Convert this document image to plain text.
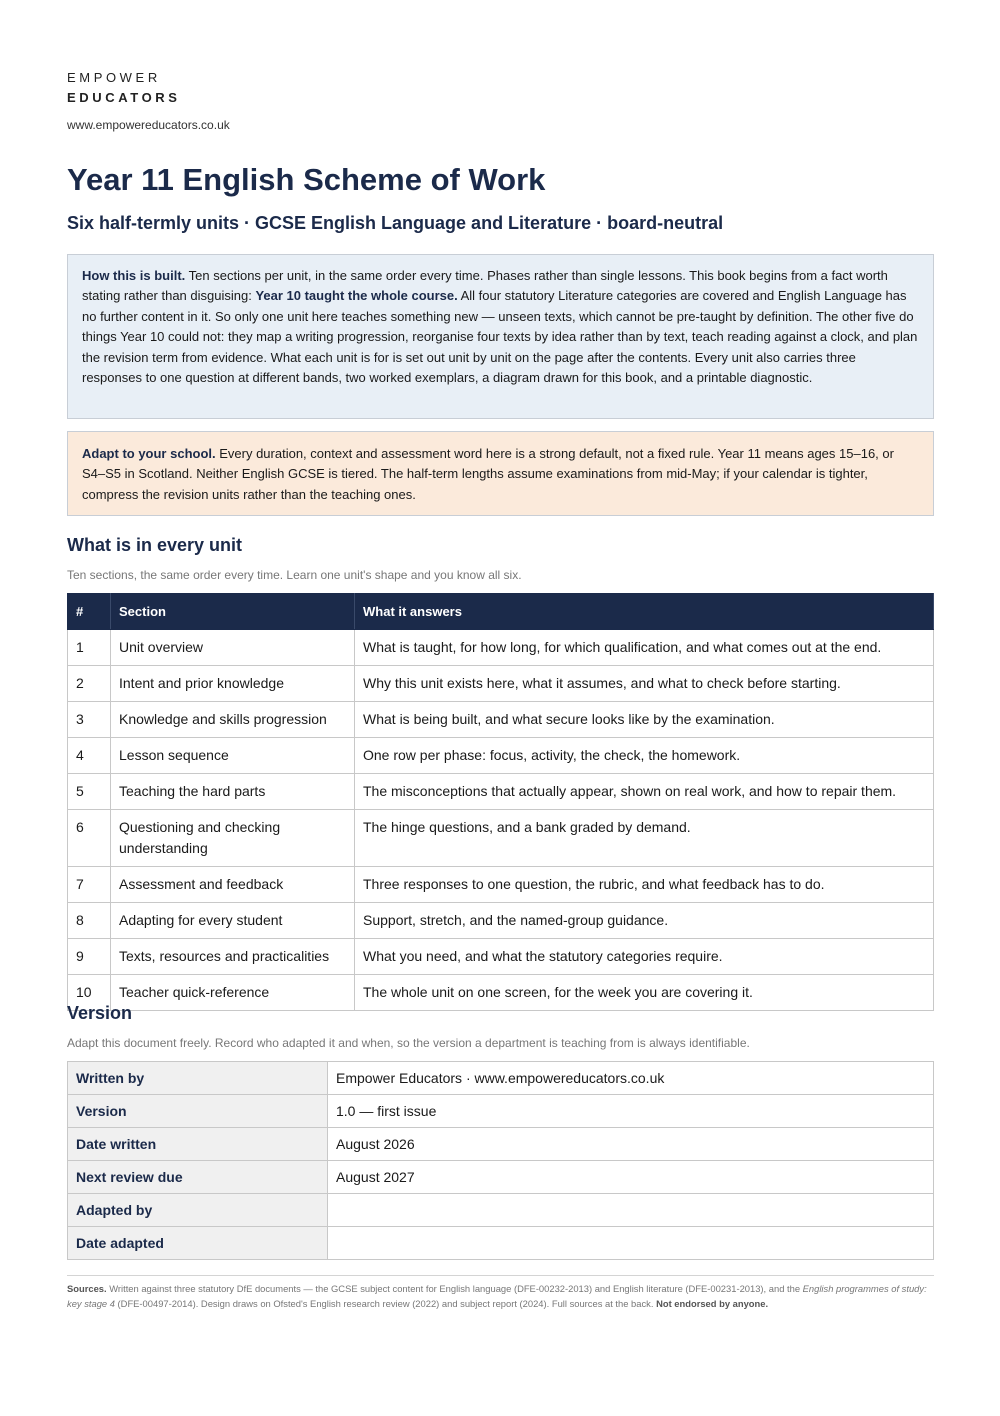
EMPOWER
EDUCATORS
www.empowereducators.co.uk
Year 11 English Scheme of Work
Six half-termly units · GCSE English Language and Literature · board-neutral
How this is built. Ten sections per unit, in the same order every time. Phases rather than single lessons. This book begins from a fact worth stating rather than disguising: Year 10 taught the whole course. All four statutory Literature categories are covered and English Language has no further content in it. So only one unit here teaches something new — unseen texts, which cannot be pre-taught by definition. The other five do things Year 10 could not: they map a writing progression, reorganise four texts by idea rather than by text, teach reading against a clock, and plan the revision term from evidence. What each unit is for is set out unit by unit on the page after the contents. Every unit also carries three responses to one question at different bands, two worked exemplars, a diagram drawn for this book, and a printable diagnostic.
Adapt to your school. Every duration, context and assessment word here is a strong default, not a fixed rule. Year 11 means ages 15–16, or S4–S5 in Scotland. Neither English GCSE is tiered. The half-term lengths assume examinations from mid-May; if your calendar is tighter, compress the revision units rather than the teaching ones.
What is in every unit
Ten sections, the same order every time. Learn one unit's shape and you know all six.
#	Section	What it answers
1	Unit overview	What is taught, for how long, for which qualification, and what comes out at the end.
2	Intent and prior knowledge	Why this unit exists here, what it assumes, and what to check before starting.
3	Knowledge and skills progression	What is being built, and what secure looks like by the examination.
4	Lesson sequence	One row per phase: focus, activity, the check, the homework.
5	Teaching the hard parts	The misconceptions that actually appear, shown on real work, and how to repair them.
6	Questioning and checking understanding	The hinge questions, and a bank graded by demand.
7	Assessment and feedback	Three responses to one question, the rubric, and what feedback has to do.
8	Adapting for every student	Support, stretch, and the named-group guidance.
9	Texts, resources and practicalities	What you need, and what the statutory categories require.
10	Teacher quick-reference	The whole unit on one screen, for the week you are covering it.
Version
Adapt this document freely. Record who adapted it and when, so the version a department is teaching from is always identifiable.
Written by	Empower Educators · www.empowereducators.co.uk
Version	1.0 — first issue
Date written	August 2026
Next review due	August 2027
Adapted by	
Date adapted	
Sources. Written against three statutory DfE documents — the GCSE subject content for English language (DFE-00232-2013) and English literature (DFE-00231-2013), and the English programmes of study: key stage 4 (DFE-00497-2014). Design draws on Ofsted's English research review (2022) and subject report (2024). Full sources at the back. Not endorsed by anyone.
